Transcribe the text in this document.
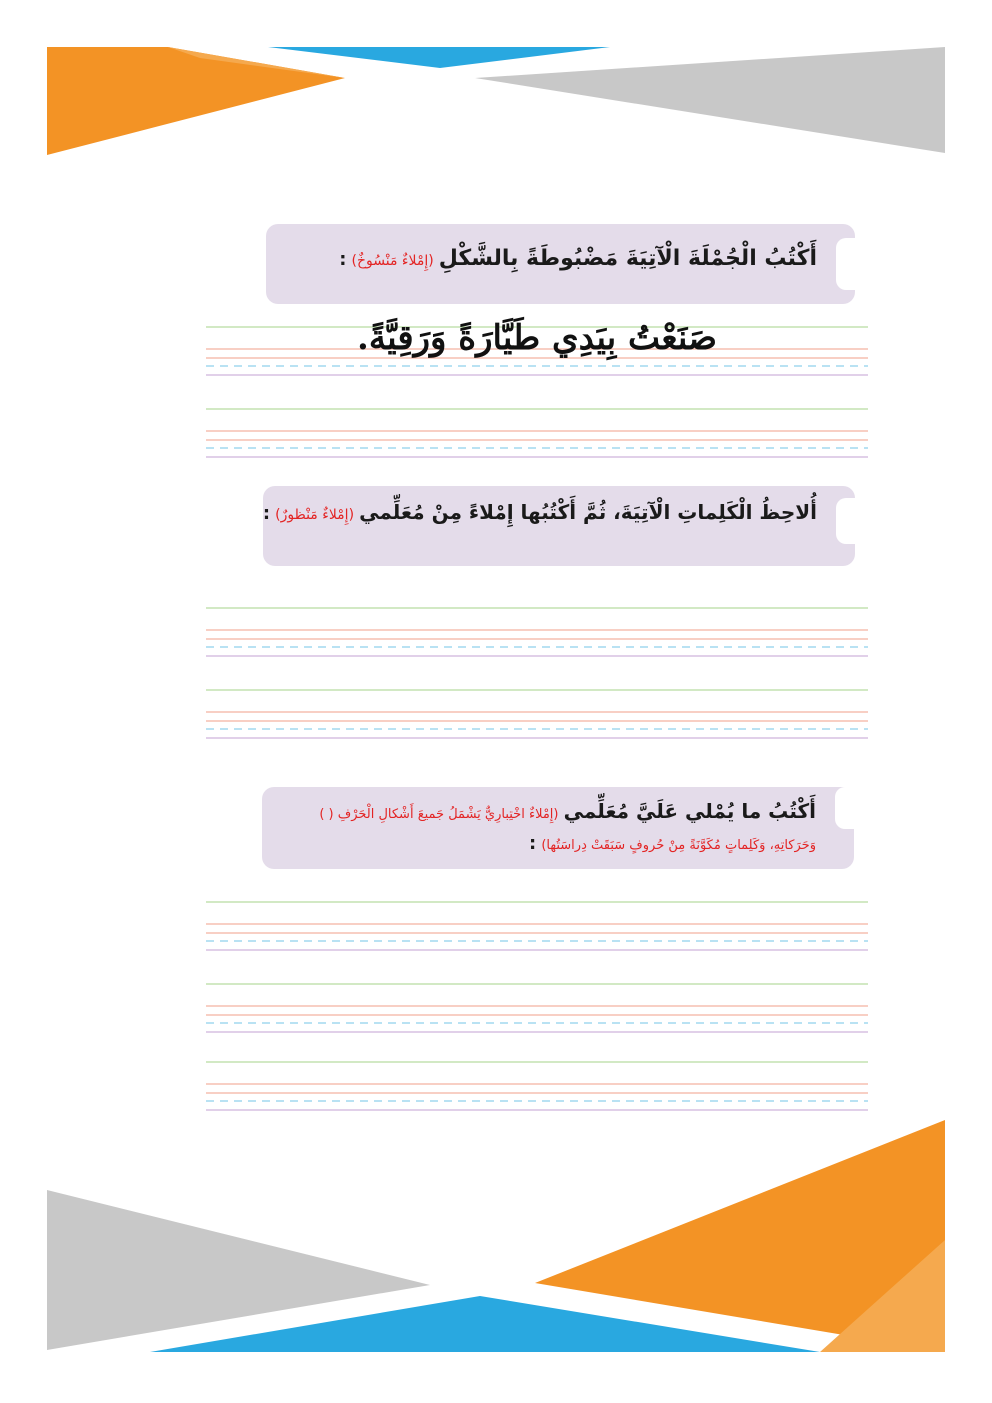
أَكْتُبُ الْجُمْلَةَ الْآتِيَةَ مَضْبُوطَةً بِالشَّكْلِ (إِمْلاءٌ مَنْسُوخٌ) :
صَنَعْتُ بِيَدِي طَيَّارَةً وَرَقِيَّةً.
أُلاحِظُ الْكَلِماتِ الْآتِيَةَ، ثُمَّ أَكْتُبُها إِمْلاءً مِنْ مُعَلِّمي (إِمْلاءٌ مَنْظورٌ) :
أَكْتُبُ ما يُمْلي عَلَيَّ مُعَلِّمي (إِمْلاءٌ اخْتِبارِيٌّ يَشْمَلُ جَميعَ أَشْكالِ الْحَرْفِ ( )
وَحَرَكاتِهِ، وَكَلِماتٍ مُكَوَّنَةً مِنْ حُروفٍ سَبَقَتْ دِراسَتُها) :
